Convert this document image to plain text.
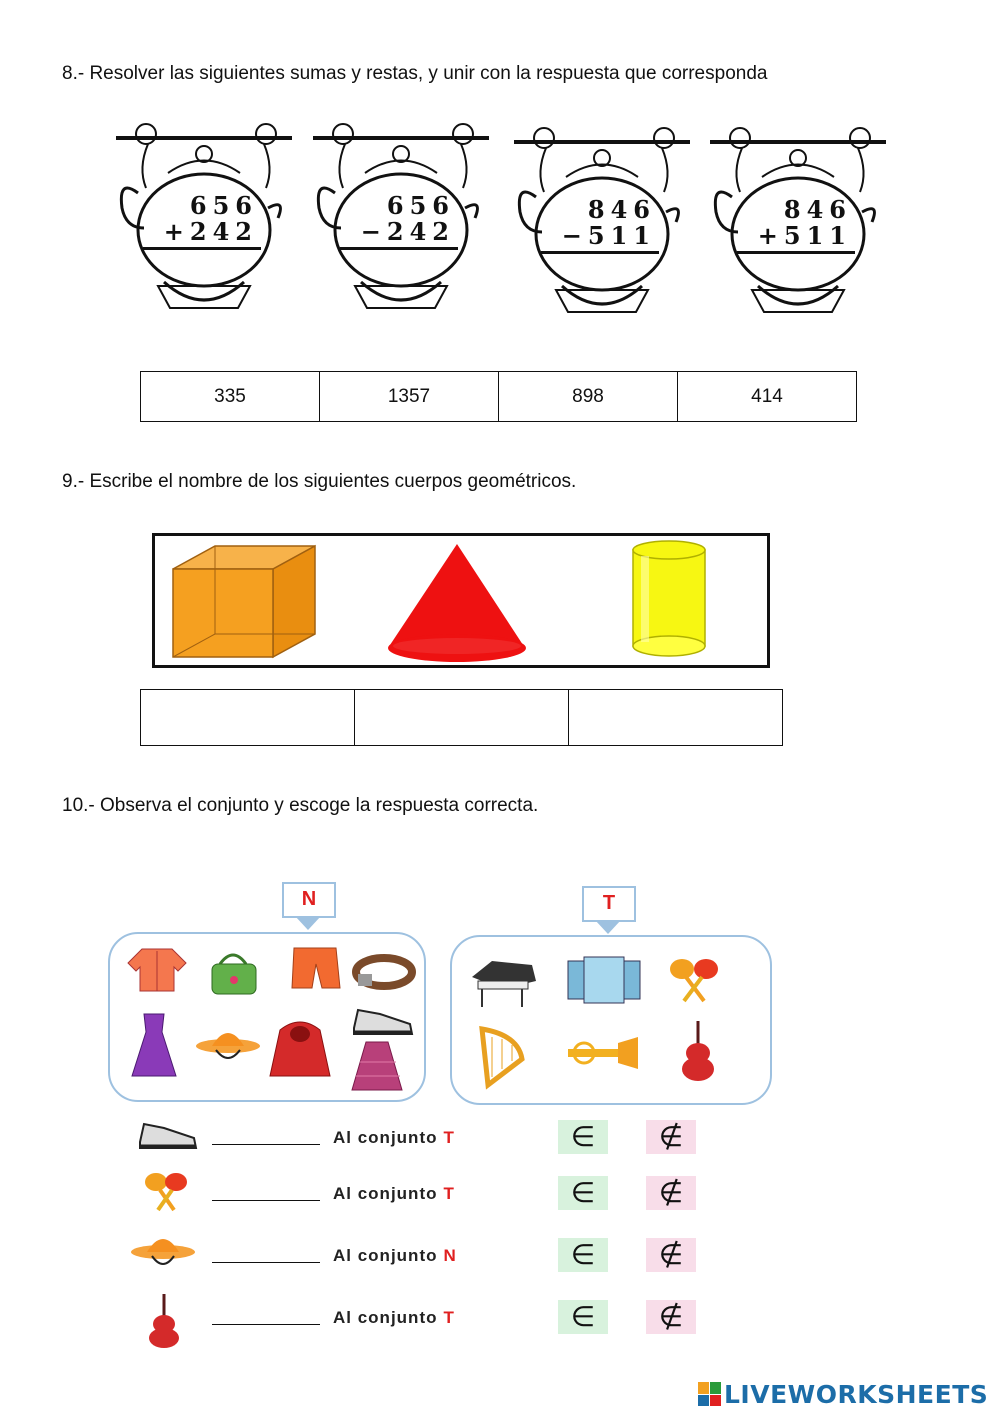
8.- Resolver las siguientes sumas y restas, y unir con la respuesta que corresponda
656
+242
656
−242
846
−511
846
+511
335	1357	898	414
9.- Escribe el nombre de los siguientes cuerpos geométricos.

10.- Observa el conjunto y escoge la respuesta correcta.
N	T
Al conjunto T	∈	∉
Al conjunto T	∈	∉
Al conjunto N	∈	∉
Al conjunto T	∈	∉
LIVEWORKSHEETS
